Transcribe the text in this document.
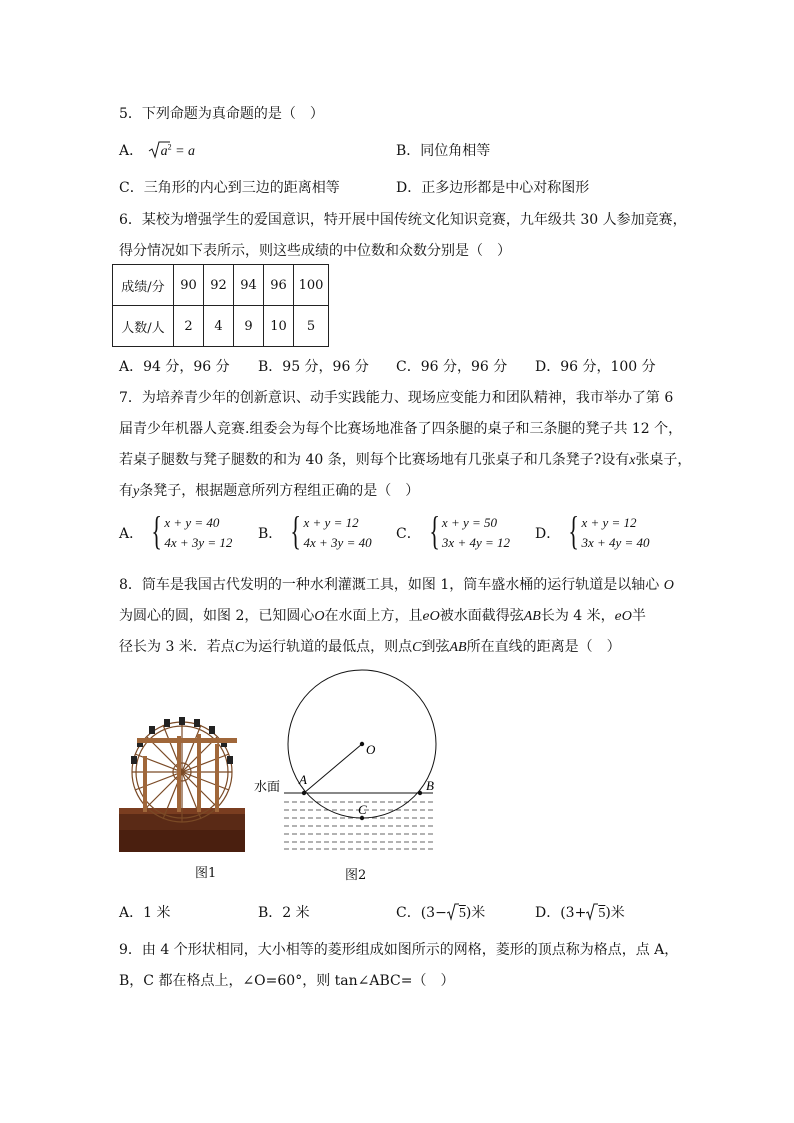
5．下列命题为真命题的是（　）
A． $a^2 = a$	B．同位角相等
C．三角形的内心到三边的距离相等	D．正多边形都是中心对称图形
6．某校为增强学生的爱国意识，特开展中国传统文化知识竞赛，九年级共 30 人参加竞赛，
得分情况如下表所示，则这些成绩的中位数和众数分别是（　）
成绩/分	90	92	94	96	100
人数/人	2	4	9	10	5
A．94 分，96 分 B．95 分，96 分 C．96 分，96 分 D．96 分，100 分
7．为培养青少年的创新意识、动手实践能力、现场应变能力和团队精神，我市举办了第 6
届青少年机器人竞赛.组委会为每个比赛场地准备了四条腿的桌子和三条腿的凳子共 12 个，
若桌子腿数与凳子腿数的和为 40 条，则每个比赛场地有几张桌子和几条凳子?设有x张桌子，
有y条凳子，根据题意所列方程组正确的是（　）
A． { x + y = 40
4x + 3y = 12
B． { x + y = 12
4x + 3y = 40
C． { x + y = 50
3x + 4y = 12
D． { x + y = 12
3x + 4y = 40
8．筒车是我国古代发明的一种水利灌溉工具，如图 1，筒车盛水桶的运行轨道是以轴心 O
为圆心的圆，如图 2，已知圆心O在水面上方，且eO被水面截得弦AB长为 4 米，eO半
径长为 3 米．若点C为运行轨道的最低点，则点C到弦AB所在直线的距离是（　）
图1
O
A	B
C
水面
图2
A．1 米	B．2 米	C．(3− 5)米	D．(3+ 5)米
9．由 4 个形状相同，大小相等的菱形组成如图所示的网格，菱形的顶点称为格点，点 A，
B，C 都在格点上，∠O=60°，则 tan∠ABC=（　）
